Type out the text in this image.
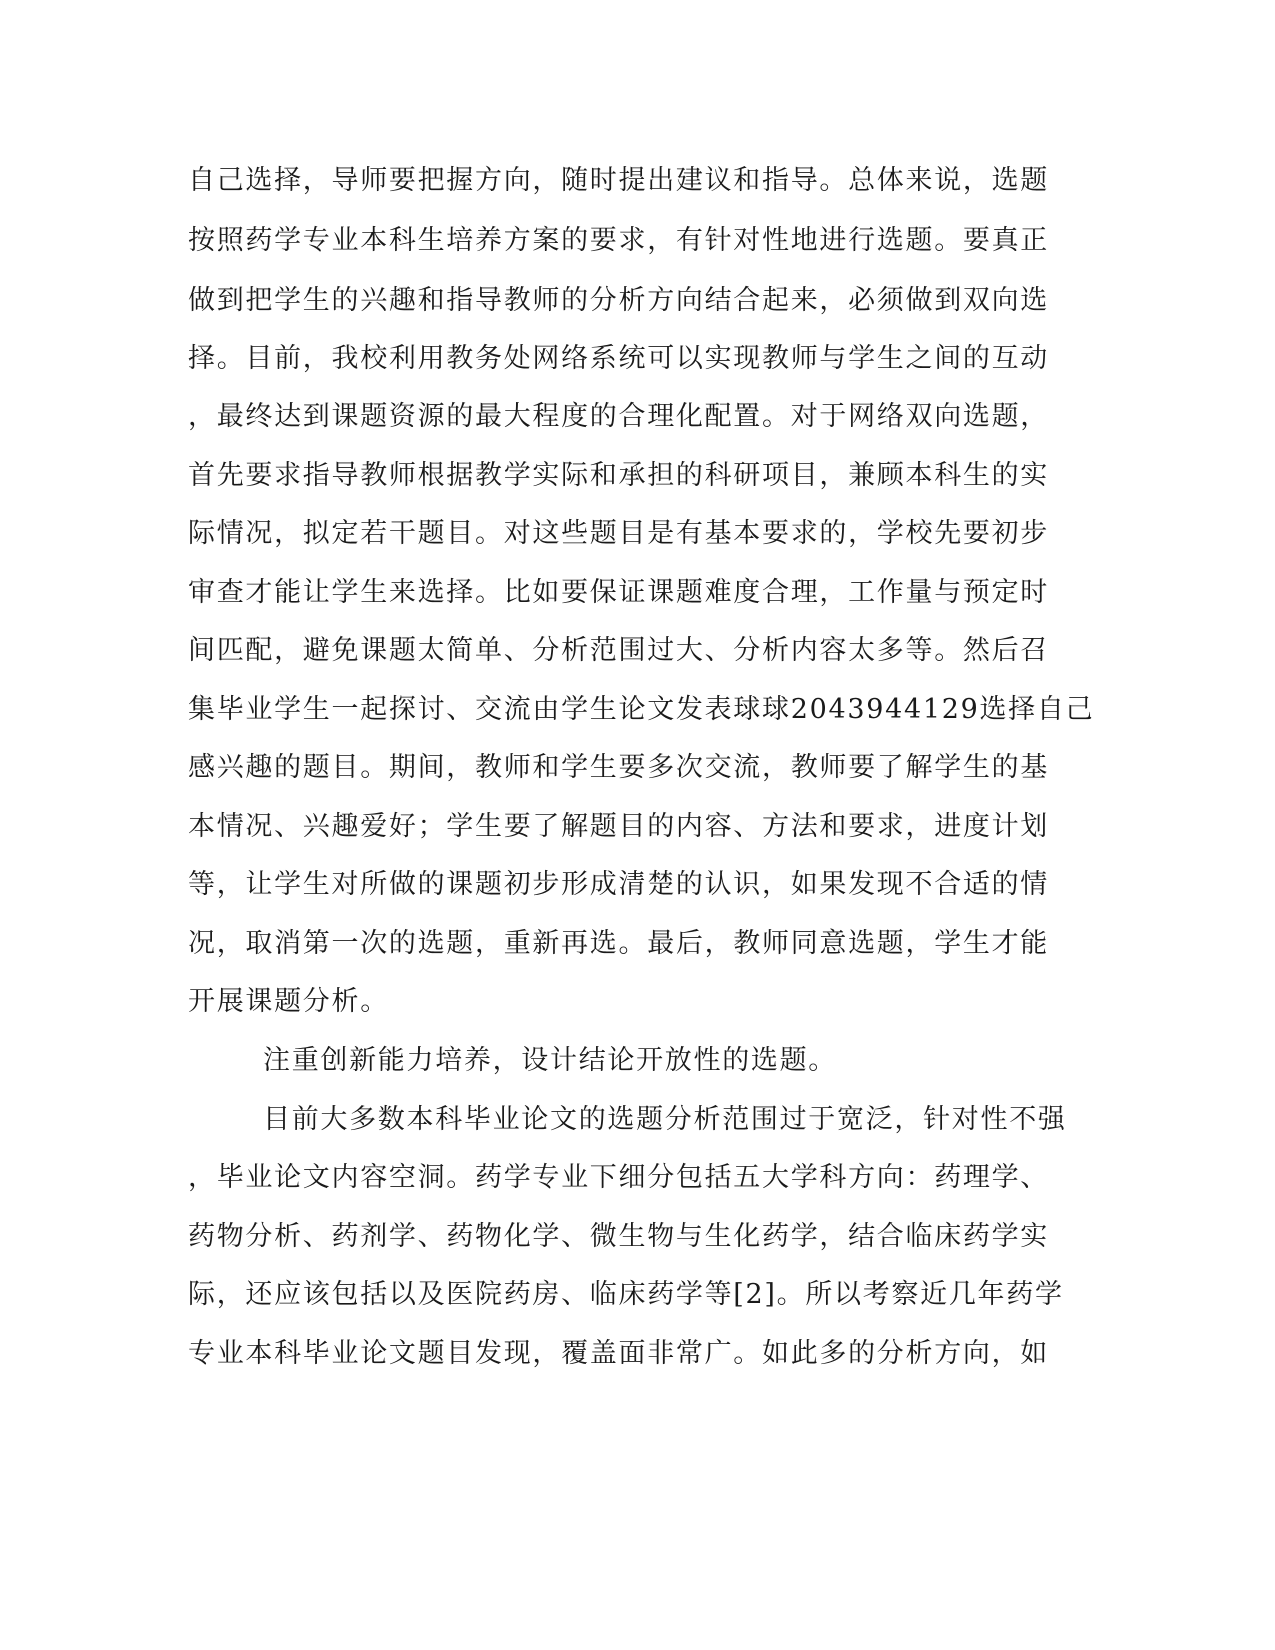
自己选择，导师要把握方向，随时提出建议和指导。总体来说，选题
按照药学专业本科生培养方案的要求，有针对性地进行选题。要真正
做到把学生的兴趣和指导教师的分析方向结合起来，必须做到双向选
择。目前，我校利用教务处网络系统可以实现教师与学生之间的互动
，最终达到课题资源的最大程度的合理化配置。对于网络双向选题，
首先要求指导教师根据教学实际和承担的科研项目，兼顾本科生的实
际情况，拟定若干题目。对这些题目是有基本要求的，学校先要初步
审查才能让学生来选择。比如要保证课题难度合理，工作量与预定时
间匹配，避免课题太简单、分析范围过大、分析内容太多等。然后召
集毕业学生一起探讨、交流由学生论文发表球球2043944129选择自己
感兴趣的题目。期间，教师和学生要多次交流，教师要了解学生的基
本情况、兴趣爱好；学生要了解题目的内容、方法和要求，进度计划
等，让学生对所做的课题初步形成清楚的认识，如果发现不合适的情
况，取消第一次的选题，重新再选。最后，教师同意选题，学生才能
开展课题分析。
注重创新能力培养，设计结论开放性的选题。
目前大多数本科毕业论文的选题分析范围过于宽泛，针对性不强
，毕业论文内容空洞。药学专业下细分包括五大学科方向：药理学、
药物分析、药剂学、药物化学、微生物与生化药学，结合临床药学实
际，还应该包括以及医院药房、临床药学等[2]。所以考察近几年药学
专业本科毕业论文题目发现，覆盖面非常广。如此多的分析方向，如
